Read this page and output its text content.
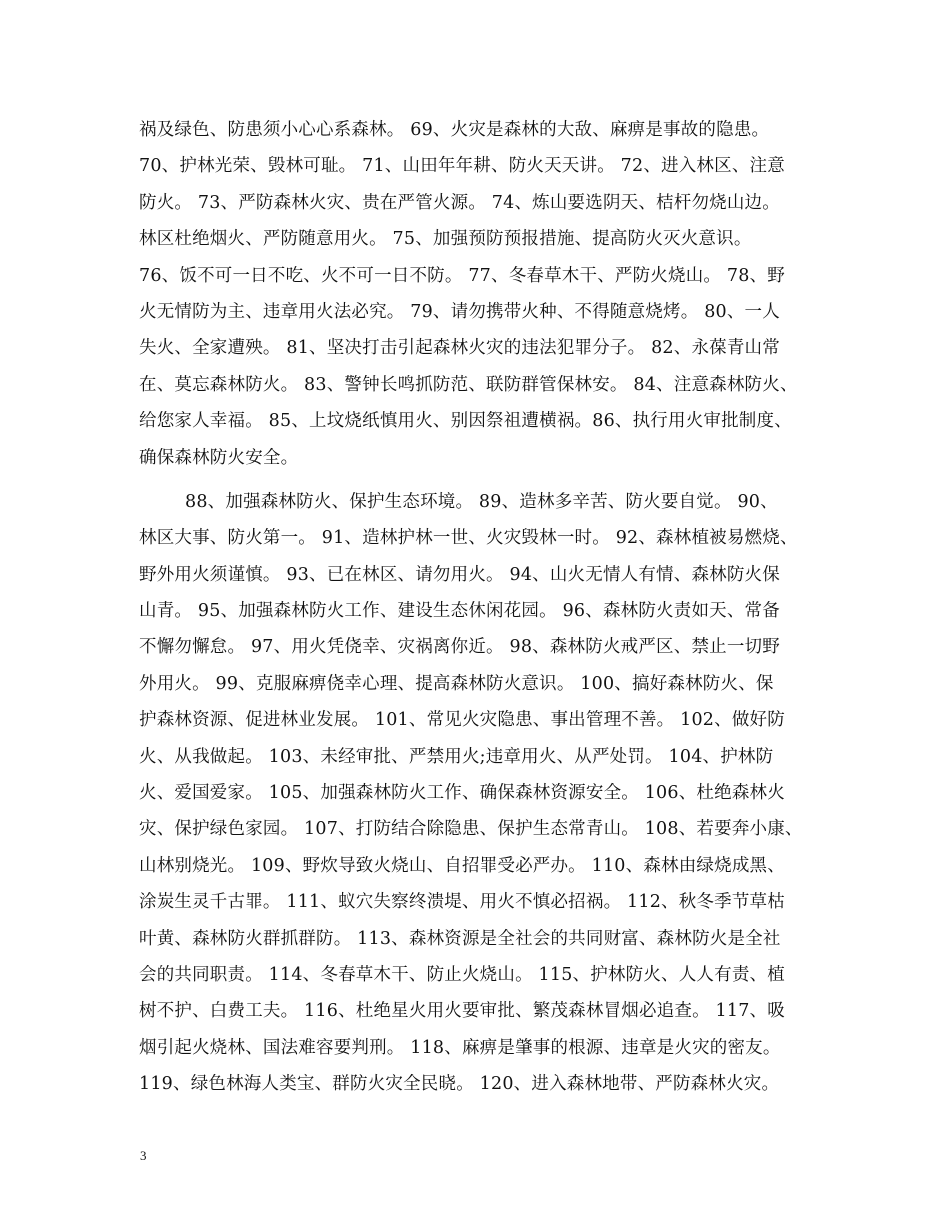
祸及绿色、防患须小心心系森林。 69、火灾是森林的大敌、麻痹是事故的隐患。
70、护林光荣、毁林可耻。 71、山田年年耕、防火天天讲。 72、进入林区、注意
防火。 73、严防森林火灾、贵在严管火源。 74、炼山要选阴天、桔杆勿烧山边。
林区杜绝烟火、严防随意用火。 75、加强预防预报措施、提高防火灭火意识。
76、饭不可一日不吃、火不可一日不防。 77、冬春草木干、严防火烧山。 78、野
火无情防为主、违章用火法必究。 79、请勿携带火种、不得随意烧烤。 80、一人
失火、全家遭殃。 81、坚决打击引起森林火灾的违法犯罪分子。 82、永葆青山常
在、莫忘森林防火。 83、警钟长鸣抓防范、联防群管保林安。 84、注意森林防火、
给您家人幸福。 85、上坟烧纸慎用火、别因祭祖遭横祸。86、执行用火审批制度、
确保森林防火安全。
88、加强森林防火、保护生态环境。 89、造林多辛苦、防火要自觉。 90、
林区大事、防火第一。 91、造林护林一世、火灾毁林一时。 92、森林植被易燃烧、
野外用火须谨慎。 93、已在林区、请勿用火。 94、山火无情人有情、森林防火保
山青。 95、加强森林防火工作、建设生态休闲花园。 96、森林防火责如天、常备
不懈勿懈怠。 97、用火凭侥幸、灾祸离你近。 98、森林防火戒严区、禁止一切野
外用火。 99、克服麻痹侥幸心理、提高森林防火意识。 100、搞好森林防火、保
护森林资源、促进林业发展。 101、常见火灾隐患、事出管理不善。 102、做好防
火、从我做起。 103、未经审批、严禁用火;违章用火、从严处罚。 104、护林防
火、爱国爱家。 105、加强森林防火工作、确保森林资源安全。 106、杜绝森林火
灾、保护绿色家园。 107、打防结合除隐患、保护生态常青山。 108、若要奔小康、
山林别烧光。 109、野炊导致火烧山、自招罪受必严办。 110、森林由绿烧成黑、
涂炭生灵千古罪。 111、蚁穴失察终溃堤、用火不慎必招祸。 112、秋冬季节草枯
叶黄、森林防火群抓群防。 113、森林资源是全社会的共同财富、森林防火是全社
会的共同职责。 114、冬春草木干、防止火烧山。 115、护林防火、人人有责、植
树不护、白费工夫。 116、杜绝星火用火要审批、繁茂森林冒烟必追查。 117、吸
烟引起火烧林、国法难容要判刑。 118、麻痹是肇事的根源、违章是火灾的密友。
119、绿色林海人类宝、群防火灾全民晓。 120、进入森林地带、严防森林火灾。
3
